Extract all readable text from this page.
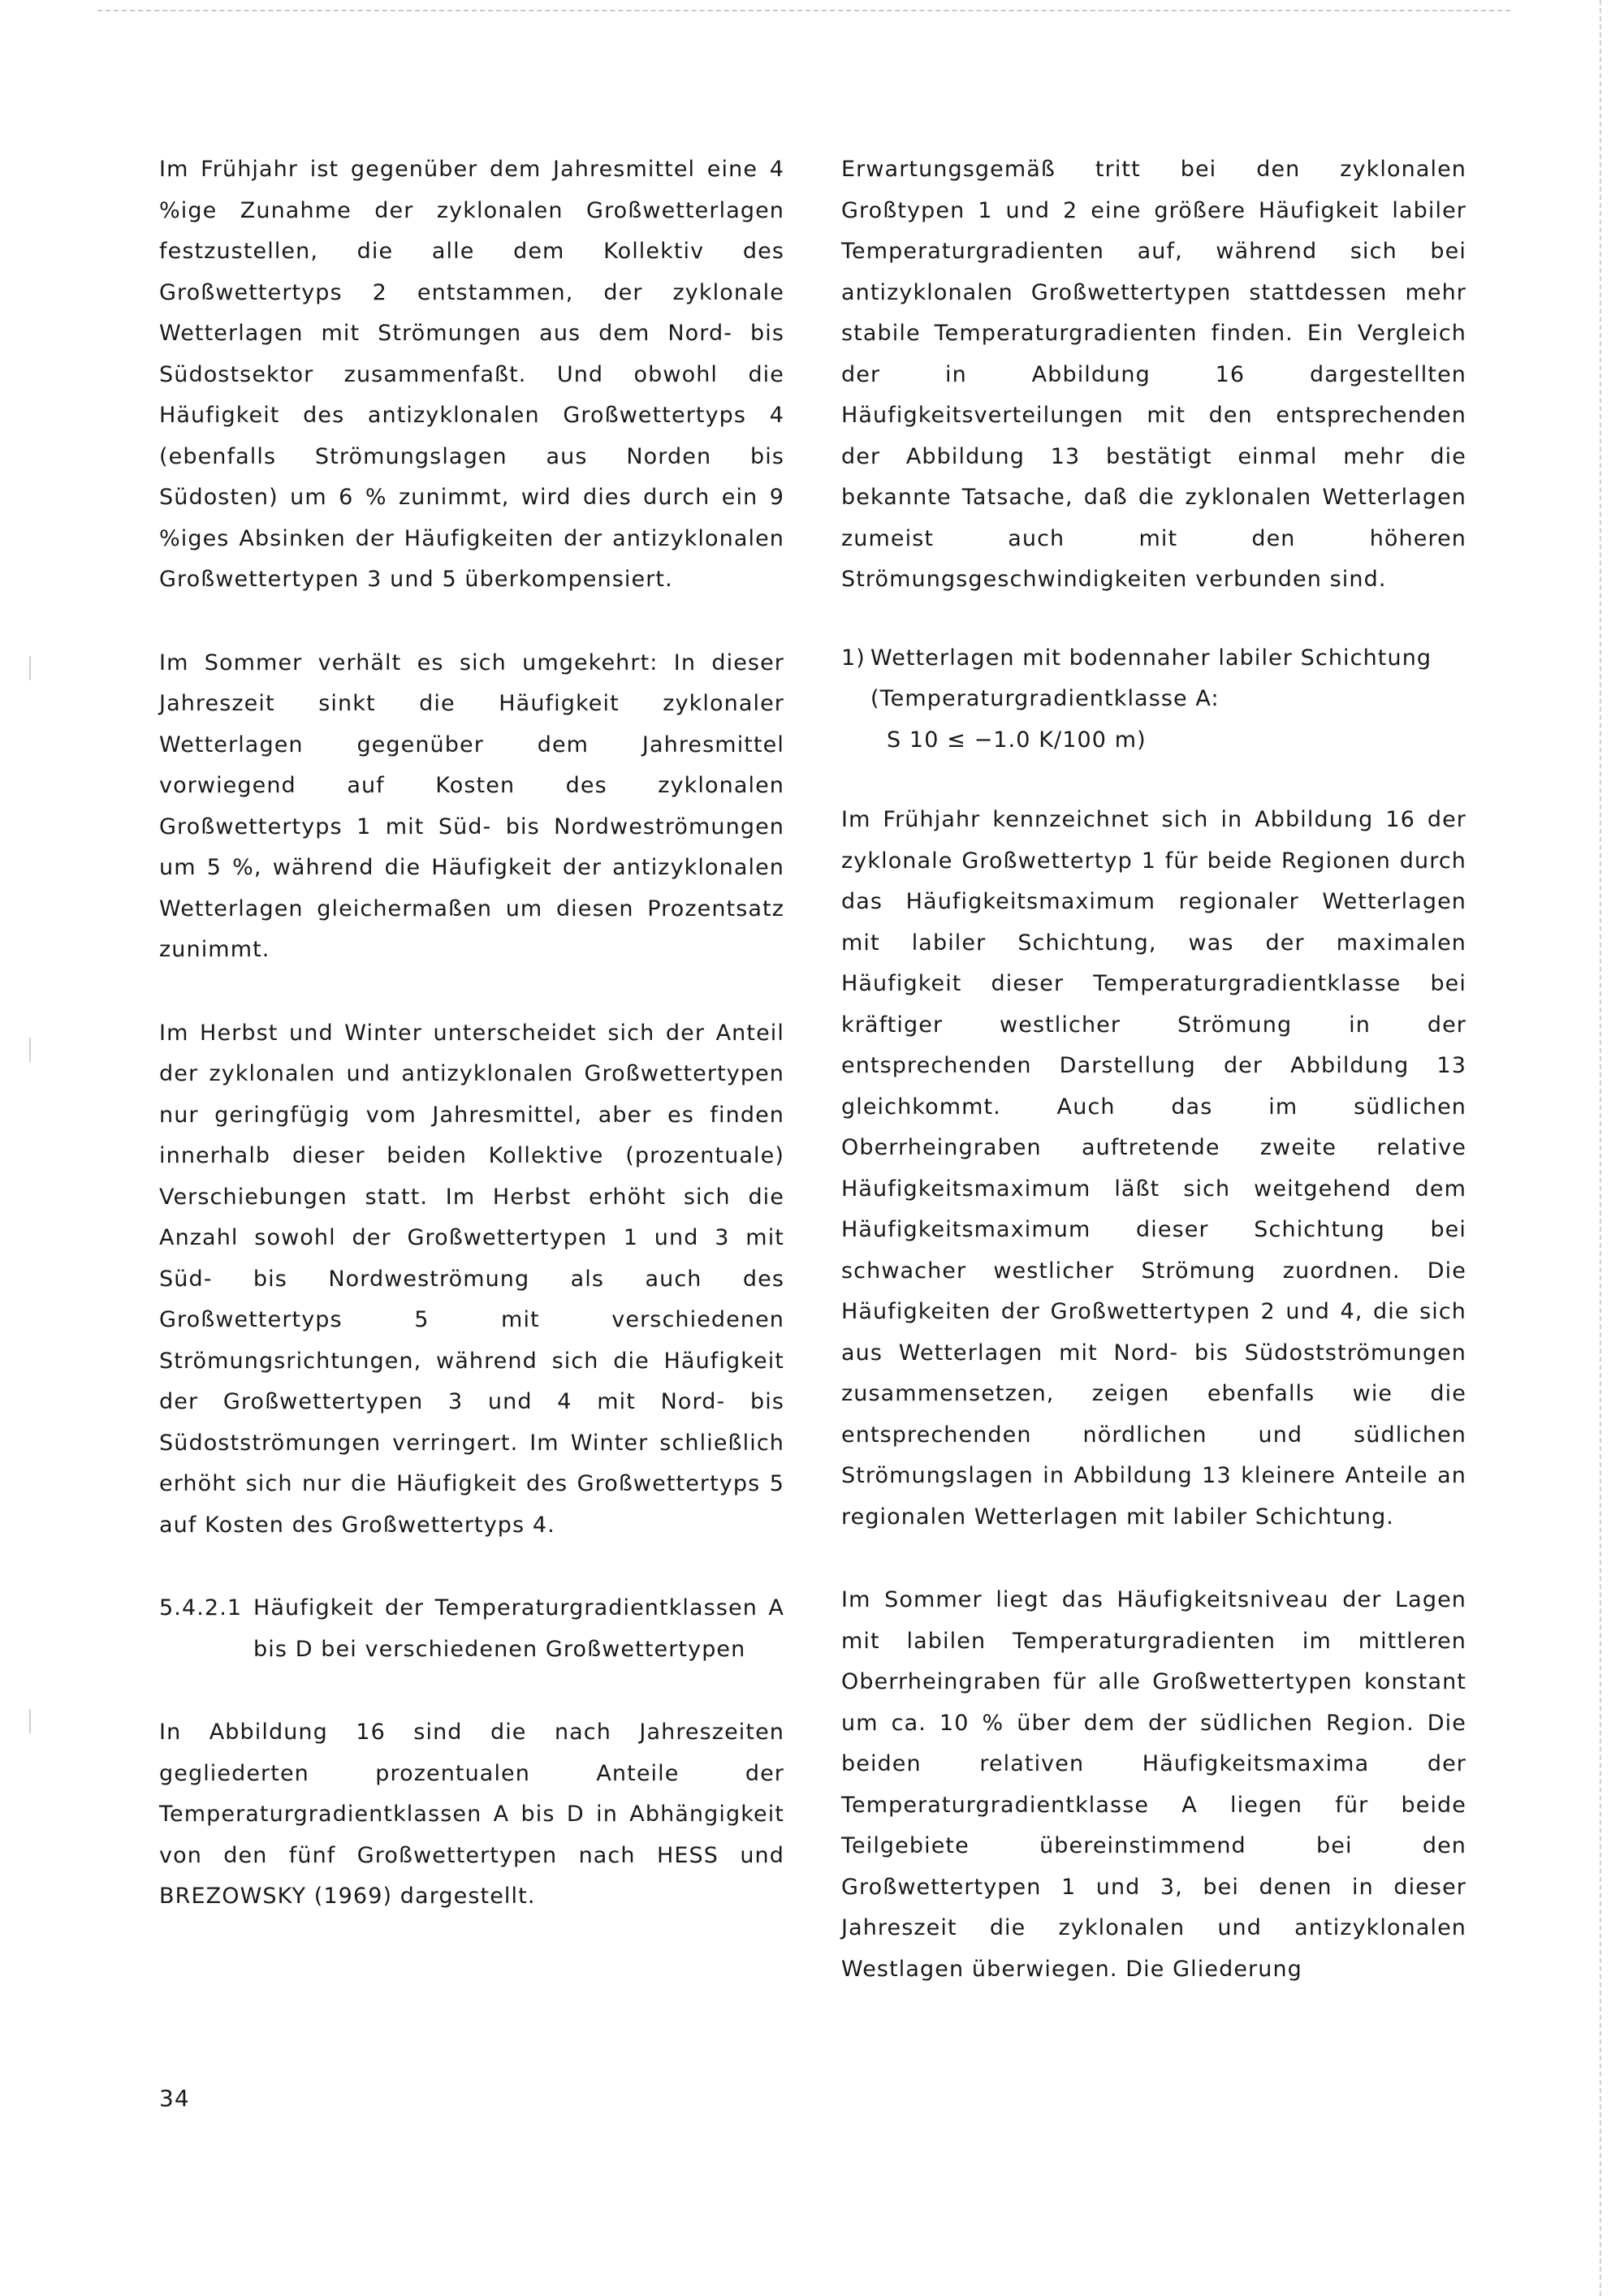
Im Frühjahr ist gegenüber dem Jahresmittel eine 4 %ige Zunahme der zyklonalen Großwetterlagen festzustellen, die alle dem Kollektiv des Großwettertyps 2 entstammen, der zyklonale Wetterlagen mit Strömungen aus dem Nord- bis Südostsektor zusammenfaßt. Und obwohl die Häufigkeit des antizyklonalen Großwettertyps 4 (ebenfalls Strömungslagen aus Norden bis Südosten) um 6 % zunimmt, wird dies durch ein 9 %iges Absinken der Häufigkeiten der antizyklonalen Großwettertypen 3 und 5 überkompensiert.

Im Sommer verhält es sich umgekehrt: In dieser Jahreszeit sinkt die Häufigkeit zyklonaler Wetterlagen gegenüber dem Jahresmittel vorwiegend auf Kosten des zyklonalen Großwettertyps 1 mit Süd- bis Nordweströmungen um 5 %, während die Häufigkeit der antizyklonalen Wetterlagen gleichermaßen um diesen Prozentsatz zunimmt.

Im Herbst und Winter unterscheidet sich der Anteil der zyklonalen und antizyklonalen Großwettertypen nur geringfügig vom Jahresmittel, aber es finden innerhalb dieser beiden Kollektive (prozentuale) Verschiebungen statt. Im Herbst erhöht sich die Anzahl sowohl der Großwettertypen 1 und 3 mit Süd- bis Nordweströmung als auch des Großwettertyps 5 mit verschiedenen Strömungsrichtungen, während sich die Häufigkeit der Großwettertypen 3 und 4 mit Nord- bis Südostströmungen verringert. Im Winter schließlich erhöht sich nur die Häufigkeit des Großwettertyps 5 auf Kosten des Großwettertyps 4.

5.4.2.1 Häufigkeit der Temperaturgradientklassen A bis D bei verschiedenen Großwettertypen

In Abbildung 16 sind die nach Jahreszeiten gegliederten prozentualen Anteile der Temperaturgradientklassen A bis D in Abhängigkeit von den fünf Großwettertypen nach HESS und BREZOWSKY (1969) dargestellt.

Erwartungsgemäß tritt bei den zyklonalen Großtypen 1 und 2 eine größere Häufigkeit labiler Temperaturgradienten auf, während sich bei antizyklonalen Großwettertypen stattdessen mehr stabile Temperaturgradienten finden. Ein Vergleich der in Abbildung 16 dargestellten Häufigkeitsverteilungen mit den entsprechenden der Abbildung 13 bestätigt einmal mehr die bekannte Tatsache, daß die zyklonalen Wetterlagen zumeist auch mit den höheren Strömungsgeschwindigkeiten verbunden sind.

1) Wetterlagen mit bodennaher labiler Schichtung (Temperaturgradientklasse A:

S 10 ≤ −1.0 K/100 m)

Im Frühjahr kennzeichnet sich in Abbildung 16 der zyklonale Großwettertyp 1 für beide Regionen durch das Häufigkeitsmaximum regionaler Wetterlagen mit labiler Schichtung, was der maximalen Häufigkeit dieser Temperaturgradientklasse bei kräftiger westlicher Strömung in der entsprechenden Darstellung der Abbildung 13 gleichkommt. Auch das im südlichen Oberrheingraben auftretende zweite relative Häufigkeitsmaximum läßt sich weitgehend dem Häufigkeitsmaximum dieser Schichtung bei schwacher westlicher Strömung zuordnen. Die Häufigkeiten der Großwettertypen 2 und 4, die sich aus Wetterlagen mit Nord- bis Südostströmungen zusammensetzen, zeigen ebenfalls wie die entsprechenden nördlichen und südlichen Strömungslagen in Abbildung 13 kleinere Anteile an regionalen Wetterlagen mit labiler Schichtung.

Im Sommer liegt das Häufigkeitsniveau der Lagen mit labilen Temperaturgradienten im mittleren Oberrheingraben für alle Großwettertypen konstant um ca. 10 % über dem der südlichen Region. Die beiden relativen Häufigkeitsmaxima der Temperaturgradientklasse A liegen für beide Teilgebiete übereinstimmend bei den Großwettertypen 1 und 3, bei denen in dieser Jahreszeit die zyklonalen und antizyklonalen Westlagen überwiegen. Die Gliederung

34
